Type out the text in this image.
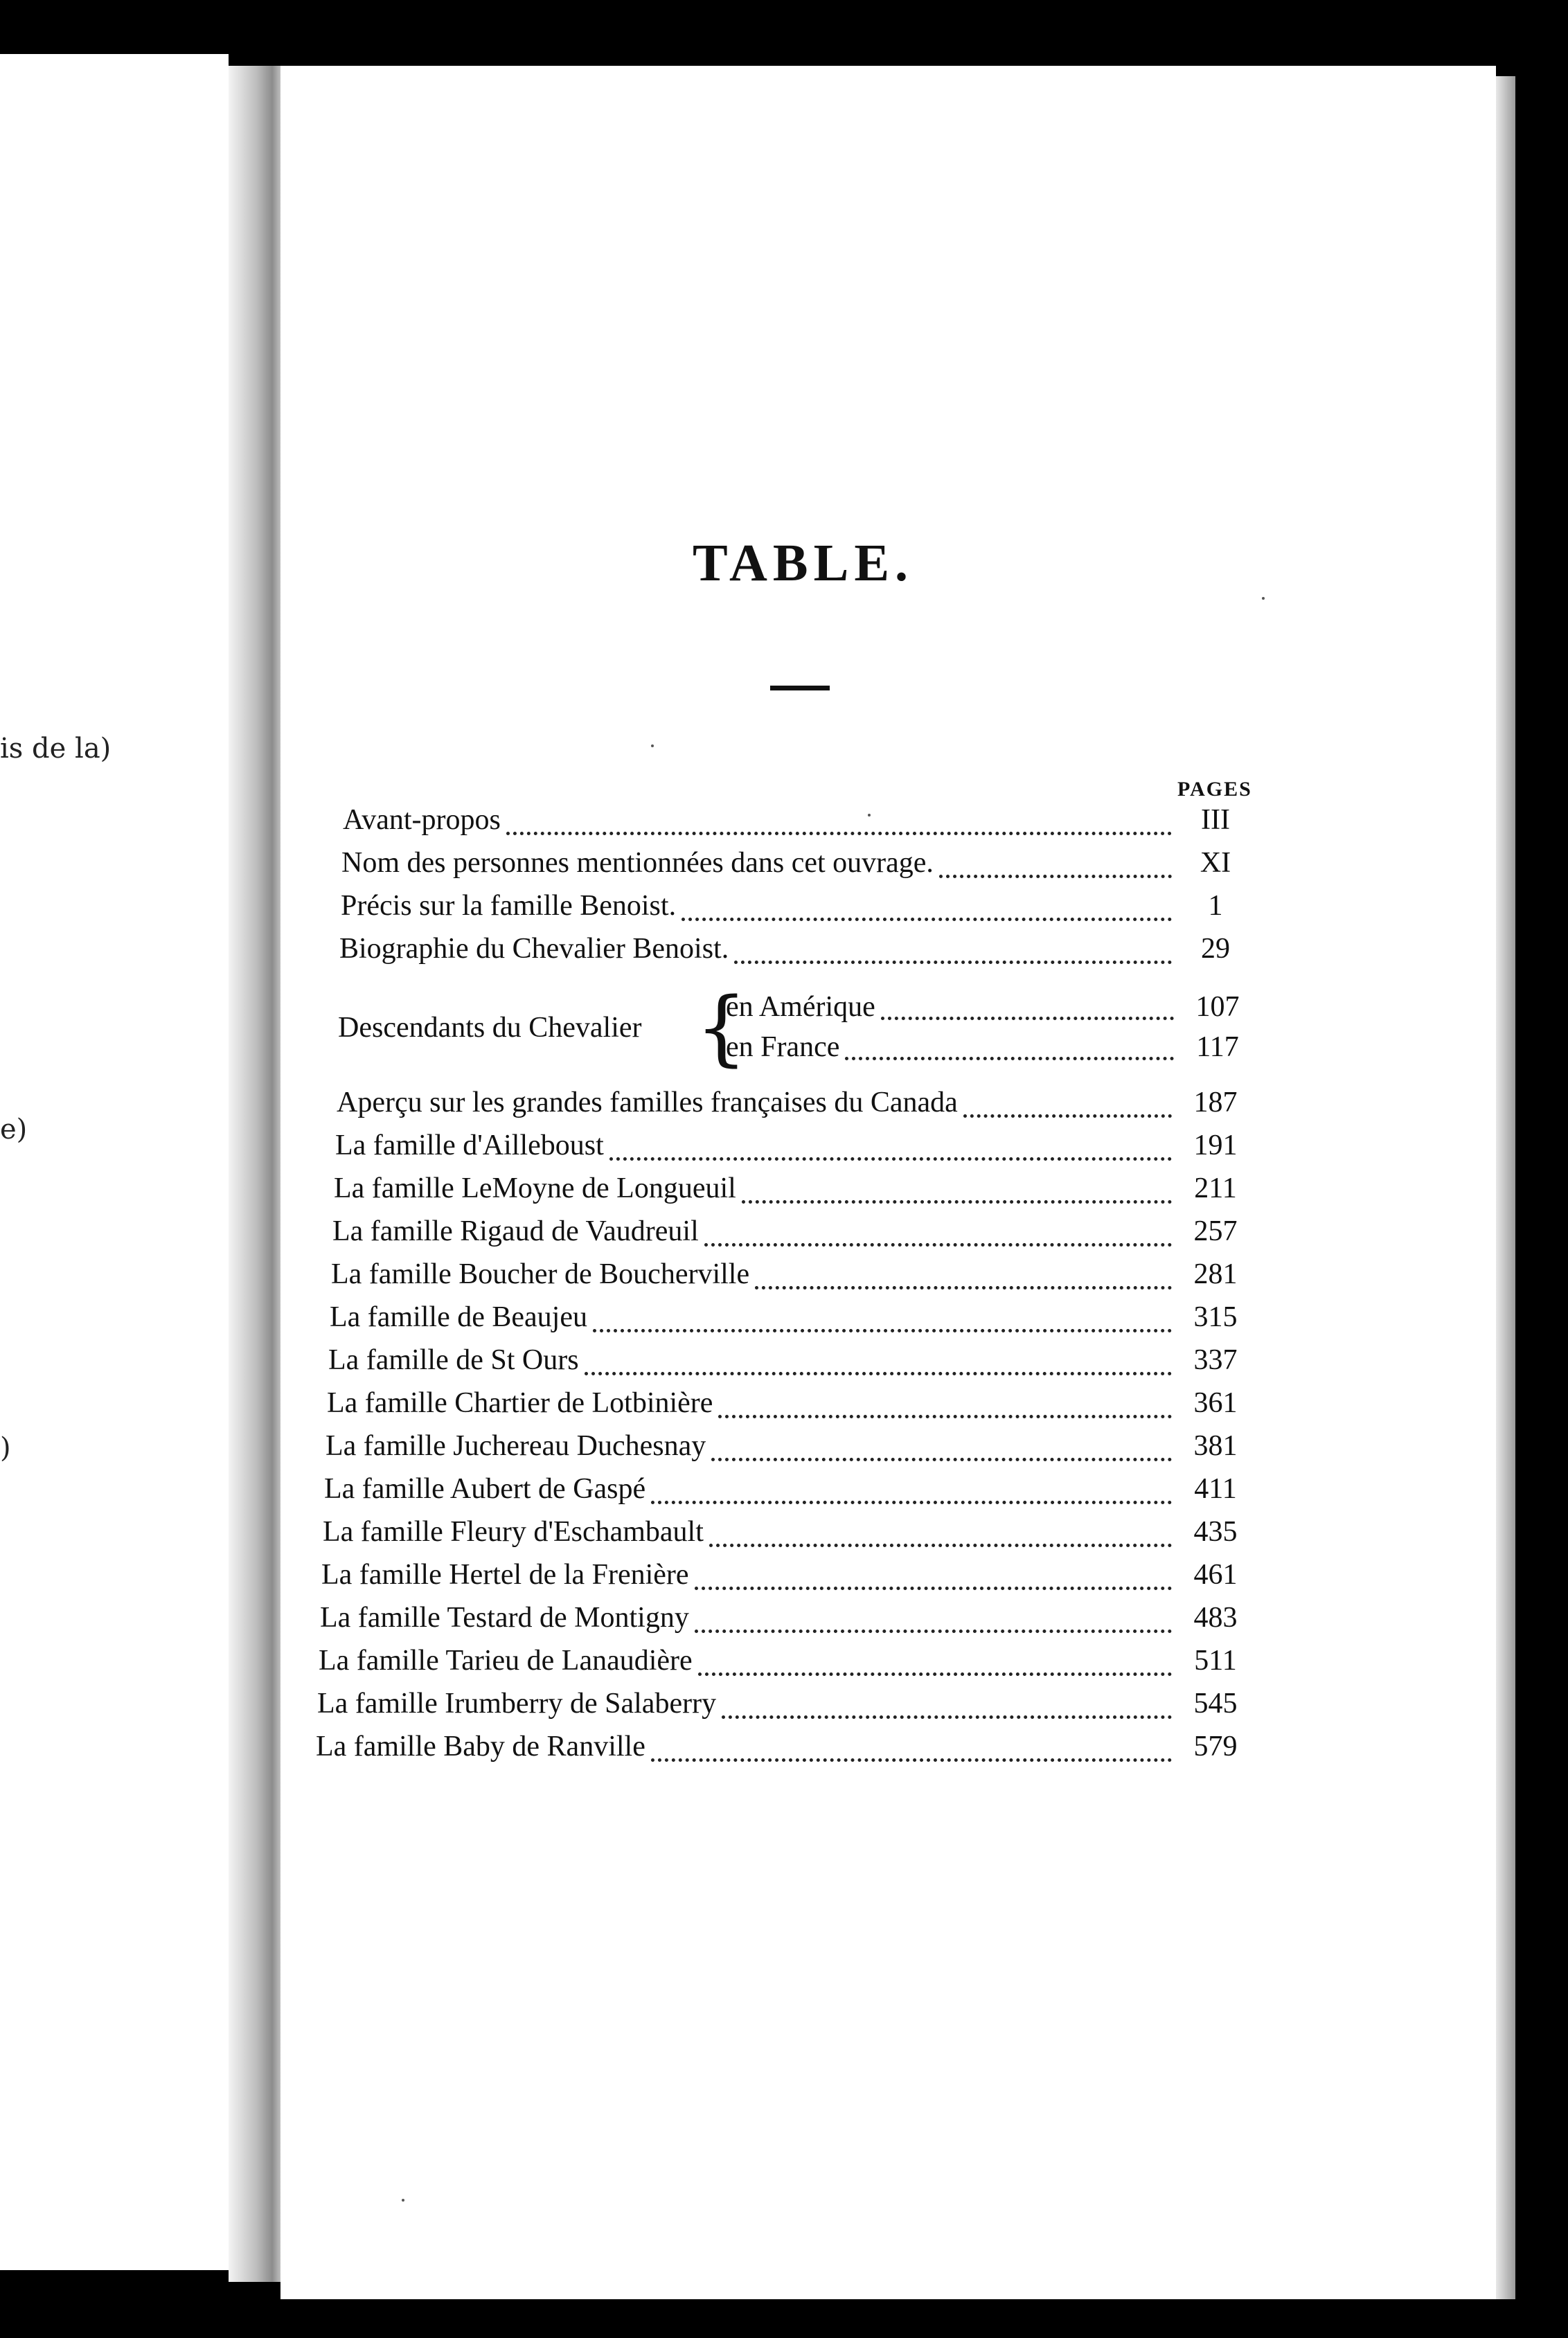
is de la)
e)
)
TABLE.
PAGES
Descendants du Chevalier {
en Amérique	107
en France	117
Avant-propos	III
Nom des personnes mentionnées dans cet ouvrage.	XI
Précis sur la famille Benoist.	1
Biographie du Chevalier Benoist.	29
Aperçu sur les grandes familles françaises du Canada	187
La famille d'Ailleboust	191
La famille LeMoyne de Longueuil	211
La famille Rigaud de Vaudreuil	257
La famille Boucher de Boucherville	281
La famille de Beaujeu	315
La famille de St Ours	337
La famille Chartier de Lotbinière	361
La famille Juchereau Duchesnay	381
La famille Aubert de Gaspé	411
La famille Fleury d'Eschambault	435
La famille Hertel de la Frenière	461
La famille Testard de Montigny	483
La famille Tarieu de Lanaudière	511
La famille Irumberry de Salaberry	545
La famille Baby de Ranville	579
